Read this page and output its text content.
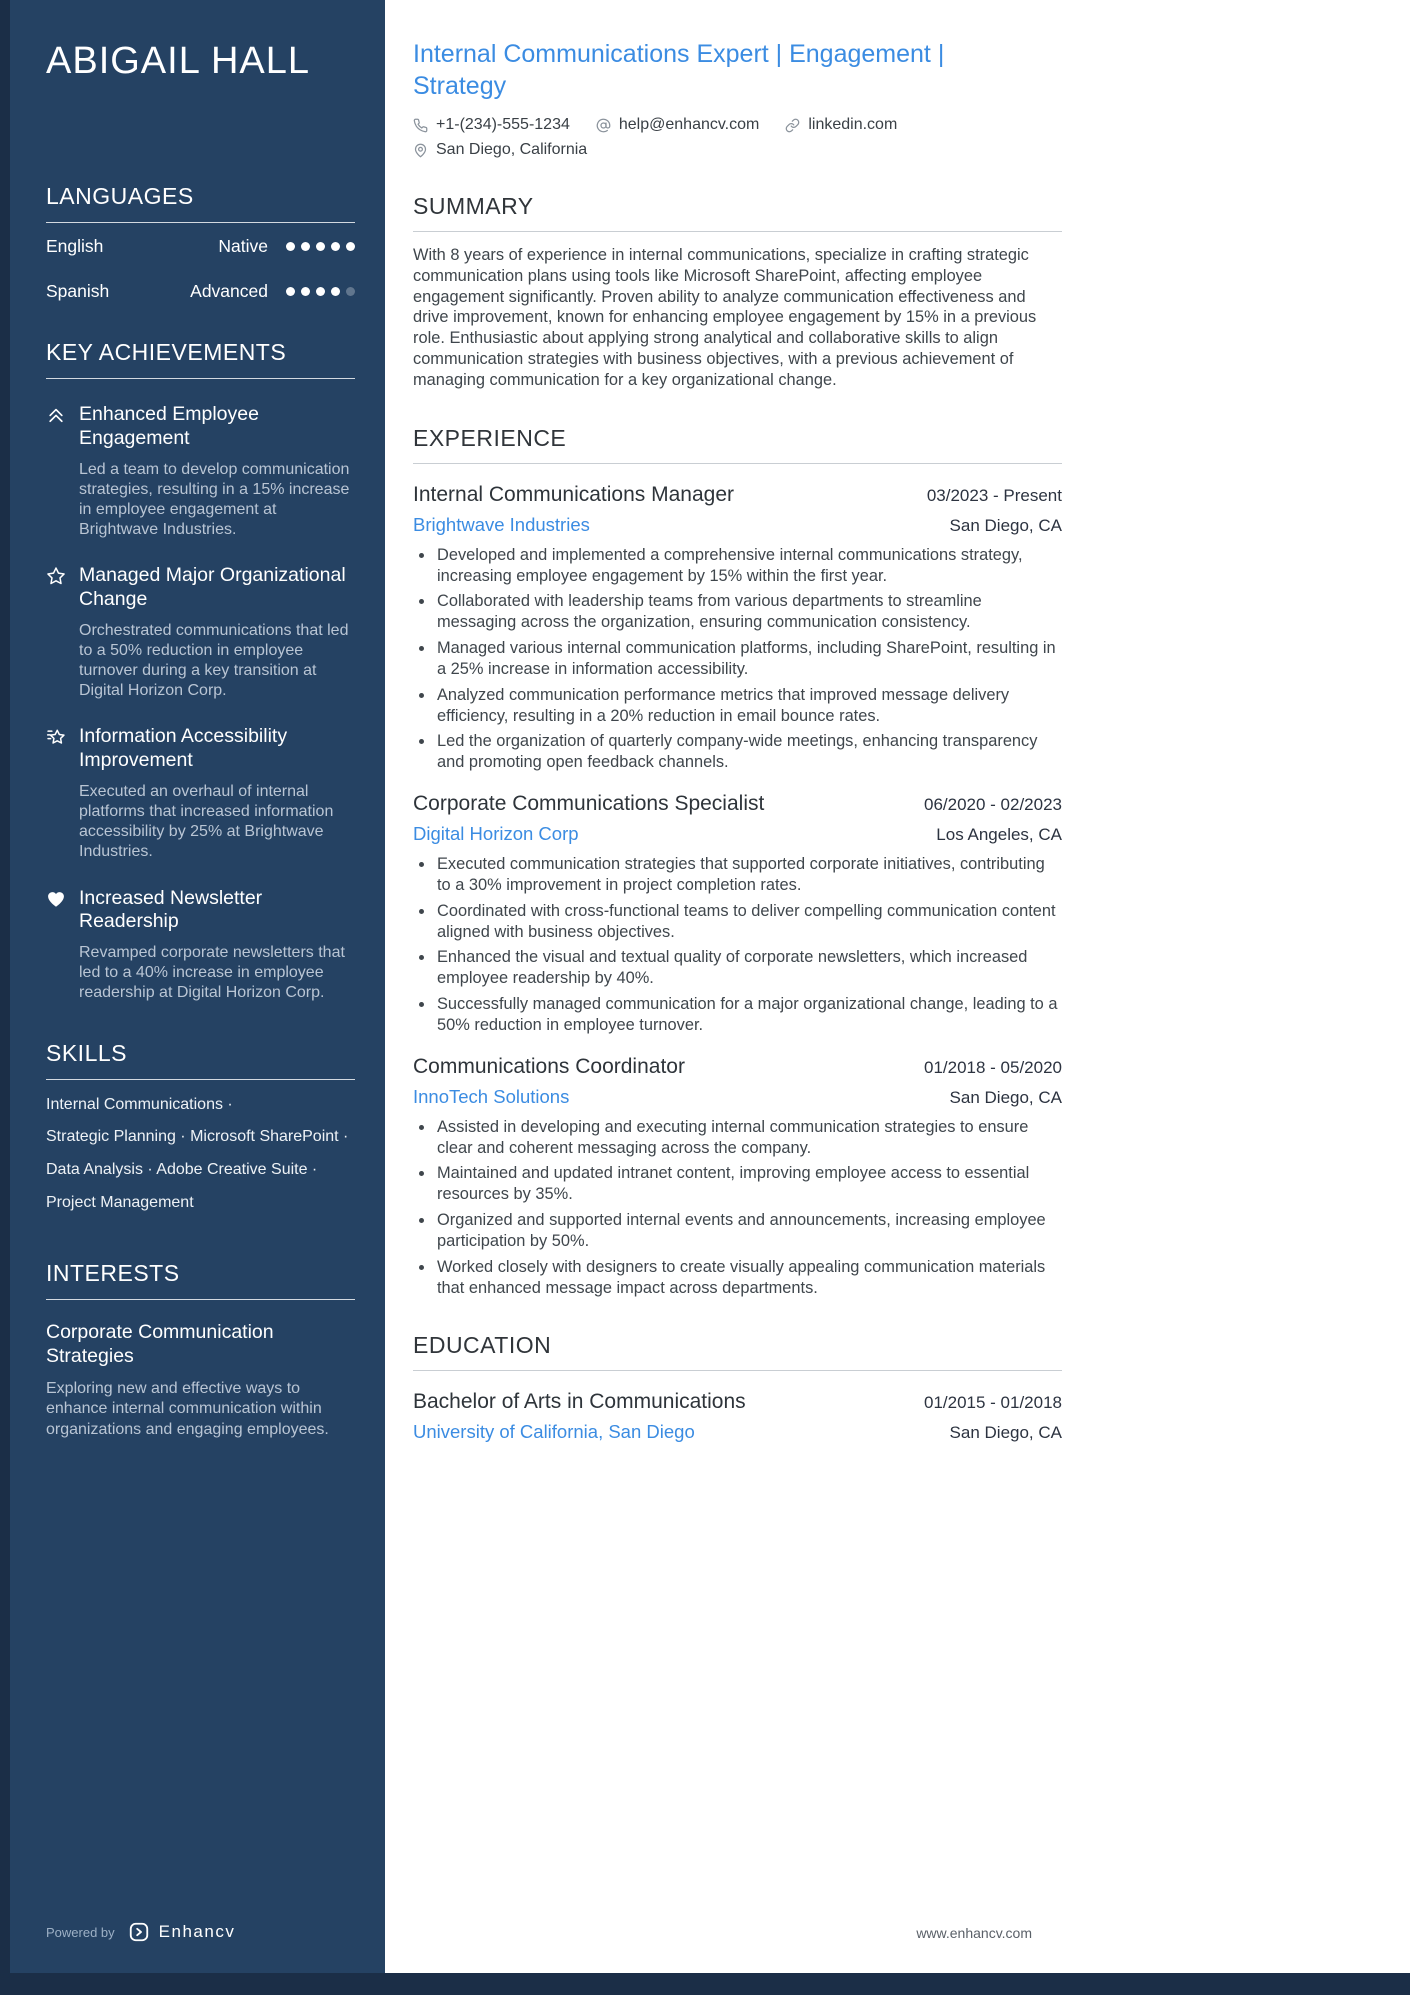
ABIGAIL HALL
LANGUAGES
English	Native
Spanish	Advanced
KEY ACHIEVEMENTS
Enhanced Employee Engagement
Led a team to develop communication strategies, resulting in a 15% increase in employee engagement at Brightwave Industries.
Managed Major Organizational Change
Orchestrated communications that led to a 50% reduction in employee turnover during a key transition at Digital Horizon Corp.
Information Accessibility Improvement
Executed an overhaul of internal platforms that increased information accessibility by 25% at Brightwave Industries.
Increased Newsletter Readership
Revamped corporate newsletters that led to a 40% increase in employee readership at Digital Horizon Corp.
SKILLS
Internal Communications · Strategic Planning · Microsoft SharePoint · Data Analysis · Adobe Creative Suite · Project Management
INTERESTS
Corporate Communication Strategies
Exploring new and effective ways to enhance internal communication within organizations and engaging employees.
Powered by	Enhancv
Internal Communications Expert | Engagement | Strategy
+1-(234)-555-1234	help@enhancv.com	linkedin.com
San Diego, California
SUMMARY

With 8 years of experience in internal communications, specialize in crafting strategic communication plans using tools like Microsoft SharePoint, affecting employee engagement significantly. Proven ability to analyze communication effectiveness and drive improvement, known for enhancing employee engagement by 15% in a previous role. Enthusiastic about applying strong analytical and collaborative skills to align communication strategies with business objectives, with a previous achievement of managing communication for a key organizational change.

EXPERIENCE
Internal Communications Manager	03/2023 - Present
Brightwave Industries	San Diego, CA
• Developed and implemented a comprehensive internal communications strategy, increasing employee engagement by 15% within the first year.
• Collaborated with leadership teams from various departments to streamline messaging across the organization, ensuring communication consistency.
• Managed various internal communication platforms, including SharePoint, resulting in a 25% increase in information accessibility.
• Analyzed communication performance metrics that improved message delivery efficiency, resulting in a 20% reduction in email bounce rates.
• Led the organization of quarterly company-wide meetings, enhancing transparency and promoting open feedback channels.
Corporate Communications Specialist	06/2020 - 02/2023
Digital Horizon Corp	Los Angeles, CA
• Executed communication strategies that supported corporate initiatives, contributing to a 30% improvement in project completion rates.
• Coordinated with cross-functional teams to deliver compelling communication content aligned with business objectives.
• Enhanced the visual and textual quality of corporate newsletters, which increased employee readership by 40%.
• Successfully managed communication for a major organizational change, leading to a 50% reduction in employee turnover.
Communications Coordinator	01/2018 - 05/2020
InnoTech Solutions	San Diego, CA
• Assisted in developing and executing internal communication strategies to ensure clear and coherent messaging across the company.
• Maintained and updated intranet content, improving employee access to essential resources by 35%.
• Organized and supported internal events and announcements, increasing employee participation by 50%.
• Worked closely with designers to create visually appealing communication materials that enhanced message impact across departments.
EDUCATION
Bachelor of Arts in Communications	01/2015 - 01/2018
University of California, San Diego	San Diego, CA
www.enhancv.com
